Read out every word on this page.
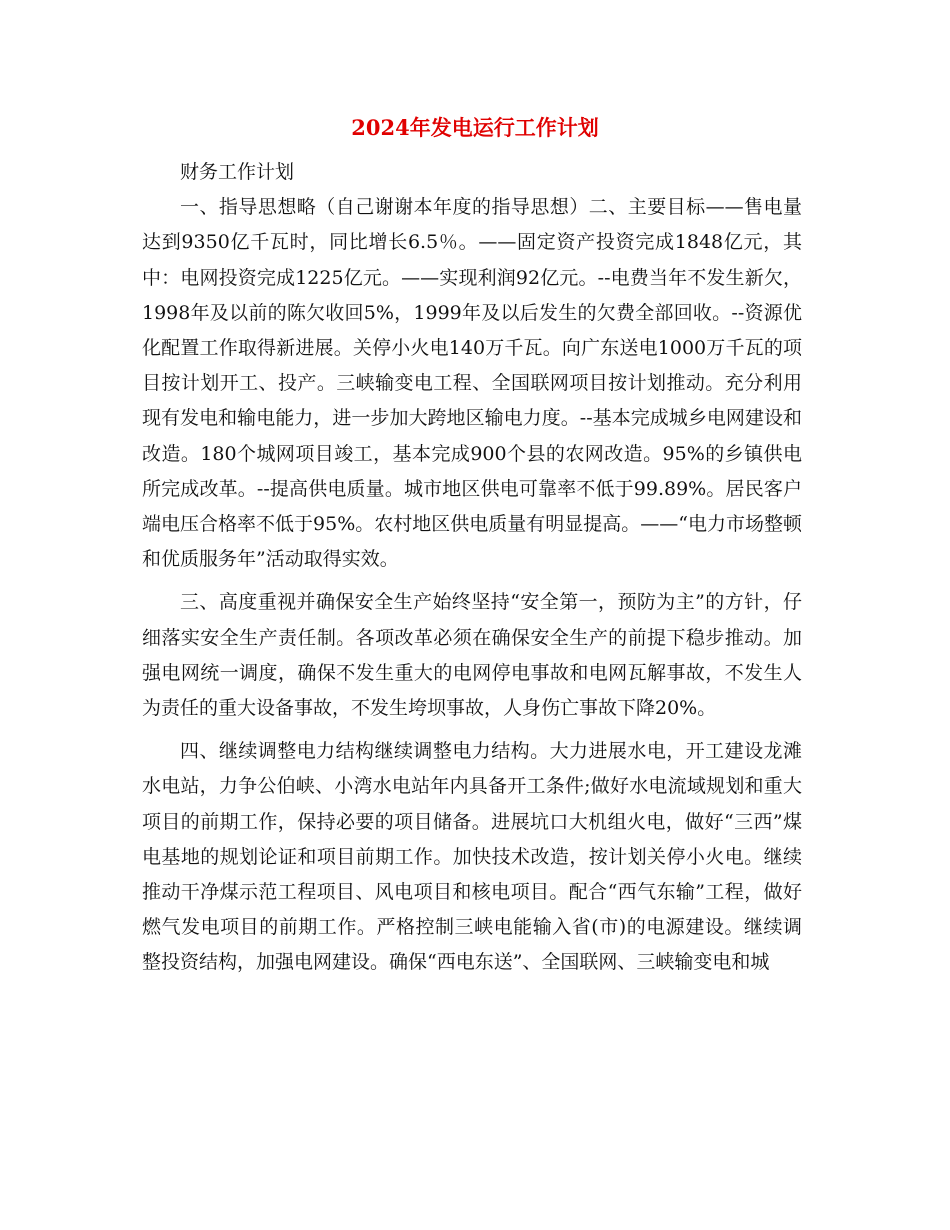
2024年发电运行工作计划

财务工作计划

一、指导思想略（自己谢谢本年度的指导思想）二、主要目标——售电量达到9350亿千瓦时，同比增长6.5％。——固定资产投资完成1848亿元，其中：电网投资完成1225亿元。——实现利润92亿元。--电费当年不发生新欠，1998年及以前的陈欠收回5%，1999年及以后发生的欠费全部回收。--资源优化配置工作取得新进展。关停小火电140万千瓦。向广东送电1000万千瓦的项目按计划开工、投产。三峡输变电工程、全国联网项目按计划推动。充分利用现有发电和输电能力，进一步加大跨地区输电力度。--基本完成城乡电网建设和改造。180个城网项目竣工，基本完成900个县的农网改造。95%的乡镇供电所完成改革。--提高供电质量。城市地区供电可靠率不低于99.89%。居民客户端电压合格率不低于95%。农村地区供电质量有明显提高。——“电力市场整顿和优质服务年”活动取得实效。

三、高度重视并确保安全生产始终坚持“安全第一，预防为主”的方针，仔细落实安全生产责任制。各项改革必须在确保安全生产的前提下稳步推动。加强电网统一调度，确保不发生重大的电网停电事故和电网瓦解事故，不发生人为责任的重大设备事故，不发生垮坝事故，人身伤亡事故下降20%。

四、继续调整电力结构继续调整电力结构。大力进展水电，开工建设龙滩水电站，力争公伯峡、小湾水电站年内具备开工条件;做好水电流域规划和重大项目的前期工作，保持必要的项目储备。进展坑口大机组火电，做好“三西”煤电基地的规划论证和项目前期工作。加快技术改造，按计划关停小火电。继续推动干净煤示范工程项目、风电项目和核电项目。配合“西气东输”工程，做好燃气发电项目的前期工作。严格控制三峡电能输入省(市)的电源建设。继续调整投资结构，加强电网建设。确保“西电东送”、全国联网、三峡输变电和城
